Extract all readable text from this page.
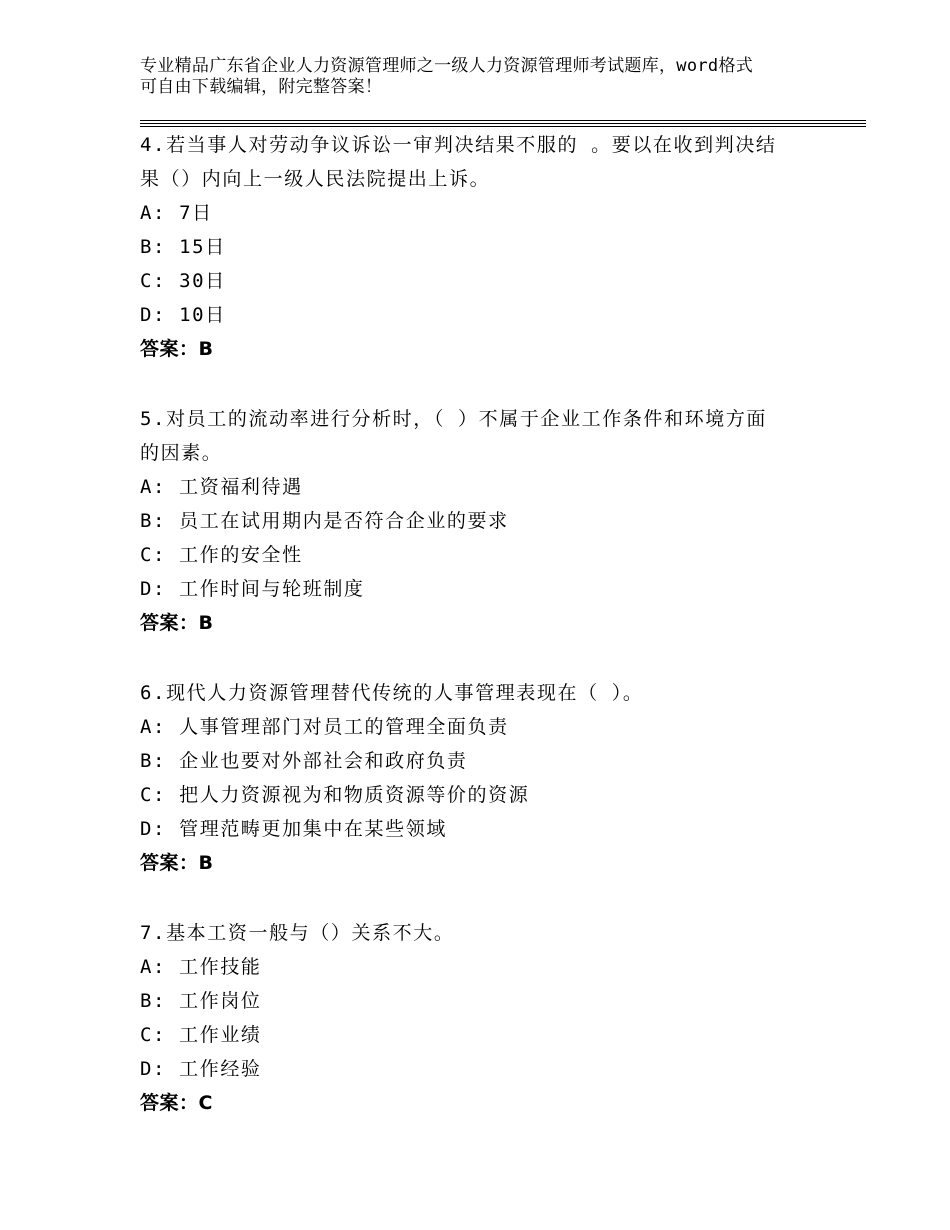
专业精品广东省企业人力资源管理师之一级人力资源管理师考试题库，word格式
可自由下载编辑，附完整答案！
4.若当事人对劳动争议诉讼一审判决结果不服的 。要以在收到判决结
果（）内向上一级人民法院提出上诉。
A: 7日
B: 15日
C: 30日
D: 10日
答案：B
5.对员工的流动率进行分析时，（ ）不属于企业工作条件和环境方面
的因素。
A: 工资福利待遇
B: 员工在试用期内是否符合企业的要求
C: 工作的安全性
D: 工作时间与轮班制度
答案：B
6.现代人力资源管理替代传统的人事管理表现在（ ）。
A: 人事管理部门对员工的管理全面负责
B: 企业也要对外部社会和政府负责
C: 把人力资源视为和物质资源等价的资源
D: 管理范畴更加集中在某些领域
答案：B
7.基本工资一般与（）关系不大。
A: 工作技能
B: 工作岗位
C: 工作业绩
D: 工作经验
答案：C
